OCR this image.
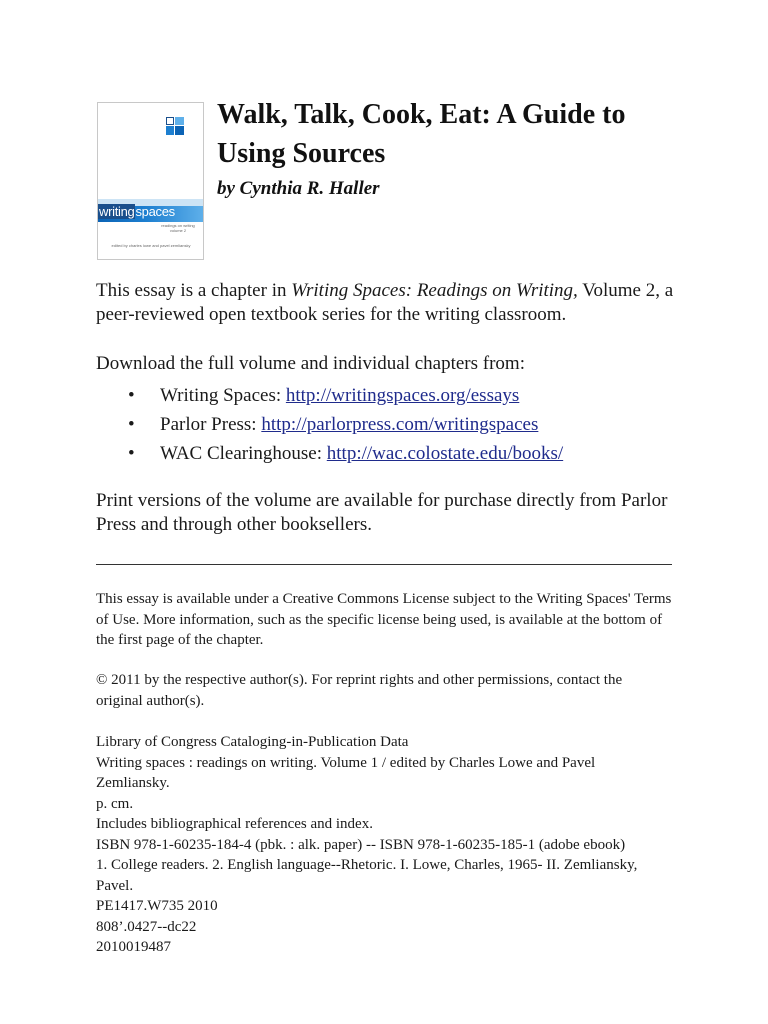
writingspaces
readings on writing
volume 2
edited by charles lowe and pavel zemliansky
Walk, Talk, Cook, Eat: A Guide to Using Sources

by Cynthia R. Haller

This essay is a chapter in Writing Spaces: Readings on Writing, Volume 2, a peer-reviewed open textbook series for the writing classroom.

Download the full volume and individual chapters from:

• Writing Spaces: http://writingspaces.org/essays
• Parlor Press: http://parlorpress.com/writingspaces
• WAC Clearinghouse: http://wac.colostate.edu/books/

Print versions of the volume are available for purchase directly from Parlor Press and through other booksellers.

This essay is available under a Creative Commons License subject to the Writing Spaces' Terms of Use. More information, such as the specific license being used, is available at the bottom of the first page of the chapter.

© 2011 by the respective author(s). For reprint rights and other permissions, contact the original author(s).

Library of Congress Cataloging-in-Publication Data
Writing spaces : readings on writing. Volume 1 / edited by Charles Lowe and Pavel Zemliansky.
p. cm.
Includes bibliographical references and index.
ISBN 978-1-60235-184-4 (pbk. : alk. paper) -- ISBN 978-1-60235-185-1 (adobe ebook)
1. College readers. 2. English language--Rhetoric. I. Lowe, Charles, 1965- II. Zemliansky, Pavel.
PE1417.W735 2010
808’.0427--dc22
2010019487
